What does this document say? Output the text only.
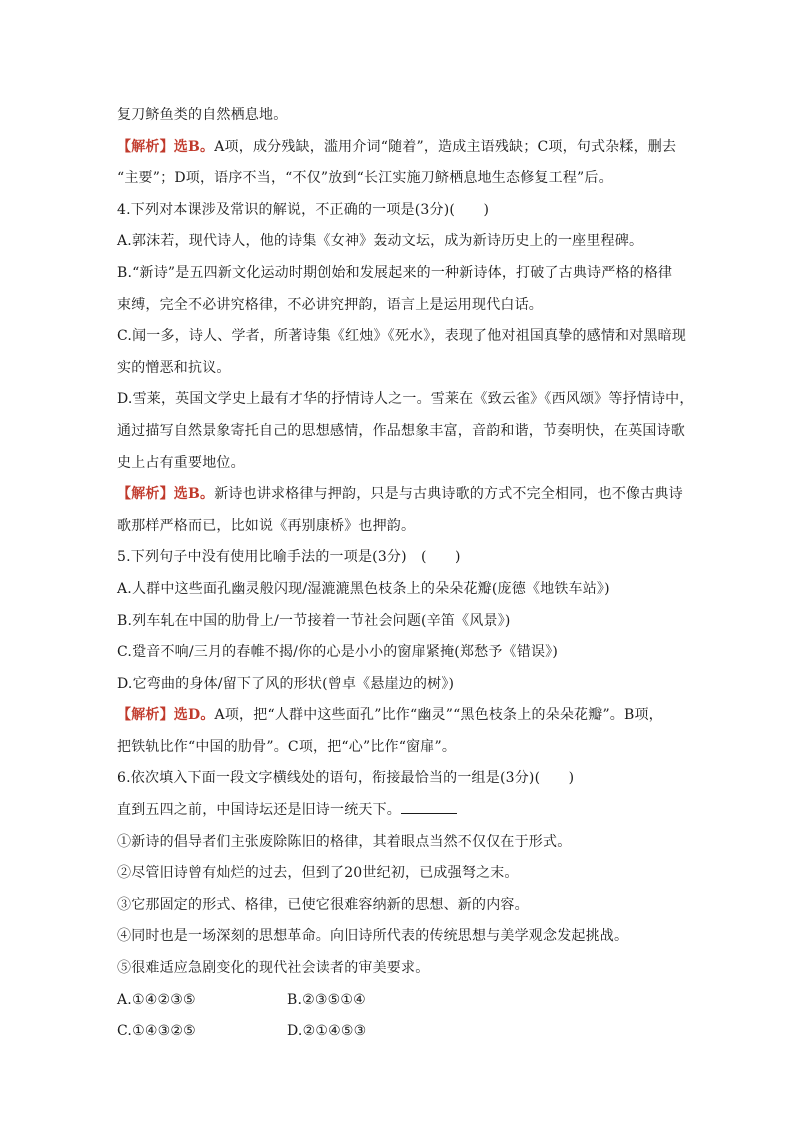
复刀鲚鱼类的自然栖息地。
【解析】选B。A项，成分残缺，滥用介词“随着”，造成主语残缺；C项，句式杂糅，删去
“主要”；D项，语序不当，“不仅”放到“长江实施刀鲚栖息地生态修复工程”后。
4.下列对本课涉及常识的解说，不正确的一项是(3分)(　　)
A.郭沫若，现代诗人，他的诗集《女神》轰动文坛，成为新诗历史上的一座里程碑。
B.“新诗”是五四新文化运动时期创始和发展起来的一种新诗体，打破了古典诗严格的格律
束缚，完全不必讲究格律，不必讲究押韵，语言上是运用现代白话。
C.闻一多，诗人、学者，所著诗集《红烛》《死水》，表现了他对祖国真挚的感情和对黑暗现
实的憎恶和抗议。
D.雪莱，英国文学史上最有才华的抒情诗人之一。雪莱在《致云雀》《西风颂》等抒情诗中，
通过描写自然景象寄托自己的思想感情，作品想象丰富，音韵和谐，节奏明快，在英国诗歌
史上占有重要地位。
【解析】选B。新诗也讲求格律与押韵，只是与古典诗歌的方式不完全相同，也不像古典诗
歌那样严格而已，比如说《再别康桥》也押韵。
5.下列句子中没有使用比喻手法的一项是(3分)　(　　)
A.人群中这些面孔幽灵般闪现/湿漉漉黑色枝条上的朵朵花瓣(庞德《地铁车站》)
B.列车轧在中国的肋骨上/一节接着一节社会问题(辛笛《风景》)
C.跫音不响/三月的春帷不揭/你的心是小小的窗扉紧掩(郑愁予《错误》)
D.它弯曲的身体/留下了风的形状(曾卓《悬崖边的树》)
【解析】选D。A项，把“人群中这些面孔”比作“幽灵”“黑色枝条上的朵朵花瓣”。B项，
把铁轨比作“中国的肋骨”。C项，把“心”比作“窗扉”。
6.依次填入下面一段文字横线处的语句，衔接最恰当的一组是(3分)(　　)
直到五四之前，中国诗坛还是旧诗一统天下。
①新诗的倡导者们主张废除陈旧的格律，其着眼点当然不仅仅在于形式。
②尽管旧诗曾有灿烂的过去，但到了20世纪初，已成强弩之末。
③它那固定的形式、格律，已使它很难容纳新的思想、新的内容。
④同时也是一场深刻的思想革命。向旧诗所代表的传统思想与美学观念发起挑战。
⑤很难适应急剧变化的现代社会读者的审美要求。
A.①④②③⑤	B.②③⑤①④
C.①④③②⑤	D.②①④⑤③
